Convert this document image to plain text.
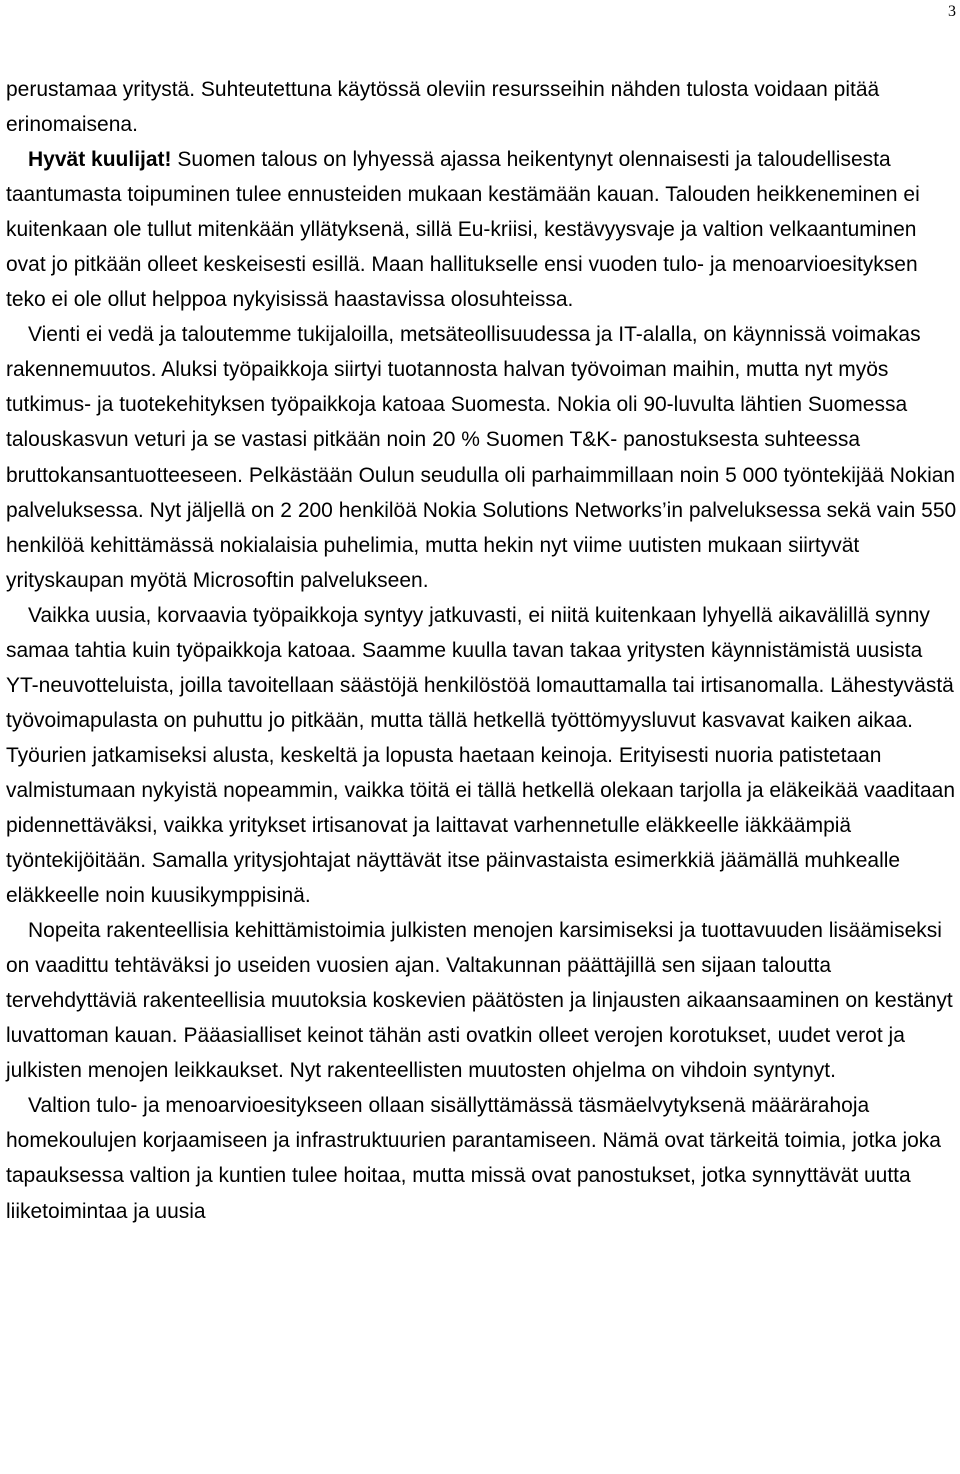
3

perustamaa yritystä. Suhteutettuna käytössä oleviin resursseihin nähden tulosta voidaan pitää erinomaisena.

Hyvät kuulijat! Suomen talous on lyhyessä ajassa heikentynyt olennaisesti ja taloudellisesta taantumasta toipuminen tulee ennusteiden mukaan kestämään kauan. Talouden heikkeneminen ei kuitenkaan ole tullut mitenkään yllätyksenä, sillä Eu-kriisi, kestävyysvaje ja valtion velkaantuminen ovat jo pitkään olleet keskeisesti esillä. Maan hallitukselle ensi vuoden tulo- ja menoarvioesityksen teko ei ole ollut helppoa nykyisissä haastavissa olosuhteissa.

Vienti ei vedä ja taloutemme tukijaloilla, metsäteollisuudessa ja IT-alalla, on käynnissä voimakas rakennemuutos. Aluksi työpaikkoja siirtyi tuotannosta halvan työvoiman maihin, mutta nyt myös tutkimus- ja tuotekehityksen työpaikkoja katoaa Suomesta. Nokia oli 90-luvulta lähtien Suomessa talouskasvun veturi ja se vastasi pitkään noin 20 % Suomen T&K- panostuksesta suhteessa bruttokansantuotteeseen. Pelkästään Oulun seudulla oli parhaimmillaan noin 5 000 työntekijää Nokian palveluksessa. Nyt jäljellä on 2 200 henkilöä Nokia Solutions Networks’in palveluksessa sekä vain 550 henkilöä kehittämässä nokialaisia puhelimia, mutta hekin nyt viime uutisten mukaan siirtyvät yrityskaupan myötä Microsoftin palvelukseen.

Vaikka uusia, korvaavia työpaikkoja syntyy jatkuvasti, ei niitä kuitenkaan lyhyellä aikavälillä synny samaa tahtia kuin työpaikkoja katoaa. Saamme kuulla tavan takaa yritysten käynnistämistä uusista YT-neuvotteluista, joilla tavoitellaan säästöjä henkilöstöä lomauttamalla tai irtisanomalla. Lähestyvästä työvoimapulasta on puhuttu jo pitkään, mutta tällä hetkellä työttömyysluvut kasvavat kaiken aikaa. Työurien jatkamiseksi alusta, keskeltä ja lopusta haetaan keinoja. Erityisesti nuoria patistetaan valmistumaan nykyistä nopeammin, vaikka töitä ei tällä hetkellä olekaan tarjolla ja eläkeikää vaaditaan pidennettäväksi, vaikka yritykset irtisanovat ja laittavat varhennetulle eläkkeelle iäkkäämpiä työntekijöitään. Samalla yritysjohtajat näyttävät itse päinvastaista esimerkkiä jäämällä muhkealle eläkkeelle noin kuusikymppisinä.

Nopeita rakenteellisia kehittämistoimia julkisten menojen karsimiseksi ja tuottavuuden lisäämiseksi on vaadittu tehtäväksi jo useiden vuosien ajan. Valtakunnan päättäjillä sen sijaan taloutta tervehdyttäviä rakenteellisia muutoksia koskevien päätösten ja linjausten aikaansaaminen on kestänyt luvattoman kauan. Pääasialliset keinot tähän asti ovatkin olleet verojen korotukset, uudet verot ja julkisten menojen leikkaukset. Nyt rakenteellisten muutosten ohjelma on vihdoin syntynyt.

Valtion tulo- ja menoarvioesitykseen ollaan sisällyttämässä täsmäelvytyksenä määrärahoja homekoulujen korjaamiseen ja infrastruktuurien parantamiseen. Nämä ovat tärkeitä toimia, jotka joka tapauksessa valtion ja kuntien tulee hoitaa, mutta missä ovat panostukset, jotka synnyttävät uutta liiketoimintaa ja uusia
